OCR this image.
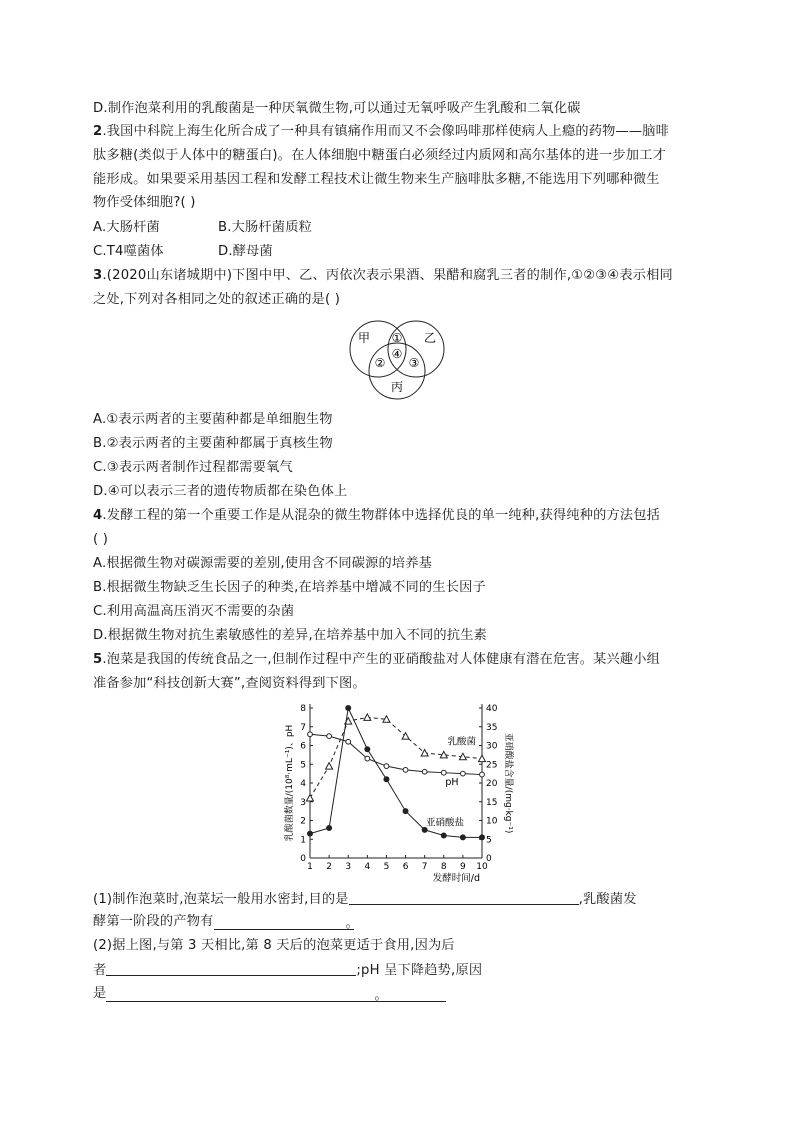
D.制作泡菜利用的乳酸菌是一种厌氧微生物,可以通过无氧呼吸产生乳酸和二氧化碳
2.我国中科院上海生化所合成了一种具有镇痛作用而又不会像吗啡那样使病人上瘾的药物——脑啡
肽多糖(类似于人体中的糖蛋白)。在人体细胞中糖蛋白必须经过内质网和高尔基体的进一步加工才
能形成。如果要采用基因工程和发酵工程技术让微生物来生产脑啡肽多糖,不能选用下列哪种微生
物作受体细胞?( )
A.大肠杆菌	B.大肠杆菌质粒
C.T4噬菌体	D.酵母菌
3.(2020山东诸城期中)下图中甲、乙、丙依次表示果酒、果醋和腐乳三者的制作,①②③④表示相同
之处,下列对各相同之处的叙述正确的是( )
甲	乙
丙
①
② ③
④
A.①表示两者的主要菌种都是单细胞生物
B.②表示两者的主要菌种都属于真核生物
C.③表示两者制作过程都需要氧气
D.④可以表示三者的遗传物质都在染色体上
4.发酵工程的第一个重要工作是从混杂的微生物群体中选择优良的单一纯种,获得纯种的方法包括
( )
A.根据微生物对碳源需要的差别,使用含不同碳源的培养基
B.根据微生物缺乏生长因子的种类,在培养基中增减不同的生长因子
C.利用高温高压消灭不需要的杂菌
D.根据微生物对抗生素敏感性的差异,在培养基中加入不同的抗生素
5.泡菜是我国的传统食品之一,但制作过程中产生的亚硝酸盐对人体健康有潜在危害。某兴趣小组
准备参加“科技创新大赛”,查阅资料得到下图。
0
1
2
3
4
5
6
7
8
0
5
10
15
20
25
30
35
40
1 2 3 4 5 6 7 8 9 10
发酵时间/d
乳酸菌数量/(10⁸·mL⁻¹)、pH	亚硝酸盐含量/(mg·kg⁻¹)
乳酸菌
pH
亚硝酸盐
(1)制作泡菜时,泡菜坛一般用水密封,目的是	,乳酸菌发
酵第一阶段的产物有	。
(2)据上图,与第 3 天相比,第 8 天后的泡菜更适于食用,因为后
者	;pH 呈下降趋势,原因
是	。
